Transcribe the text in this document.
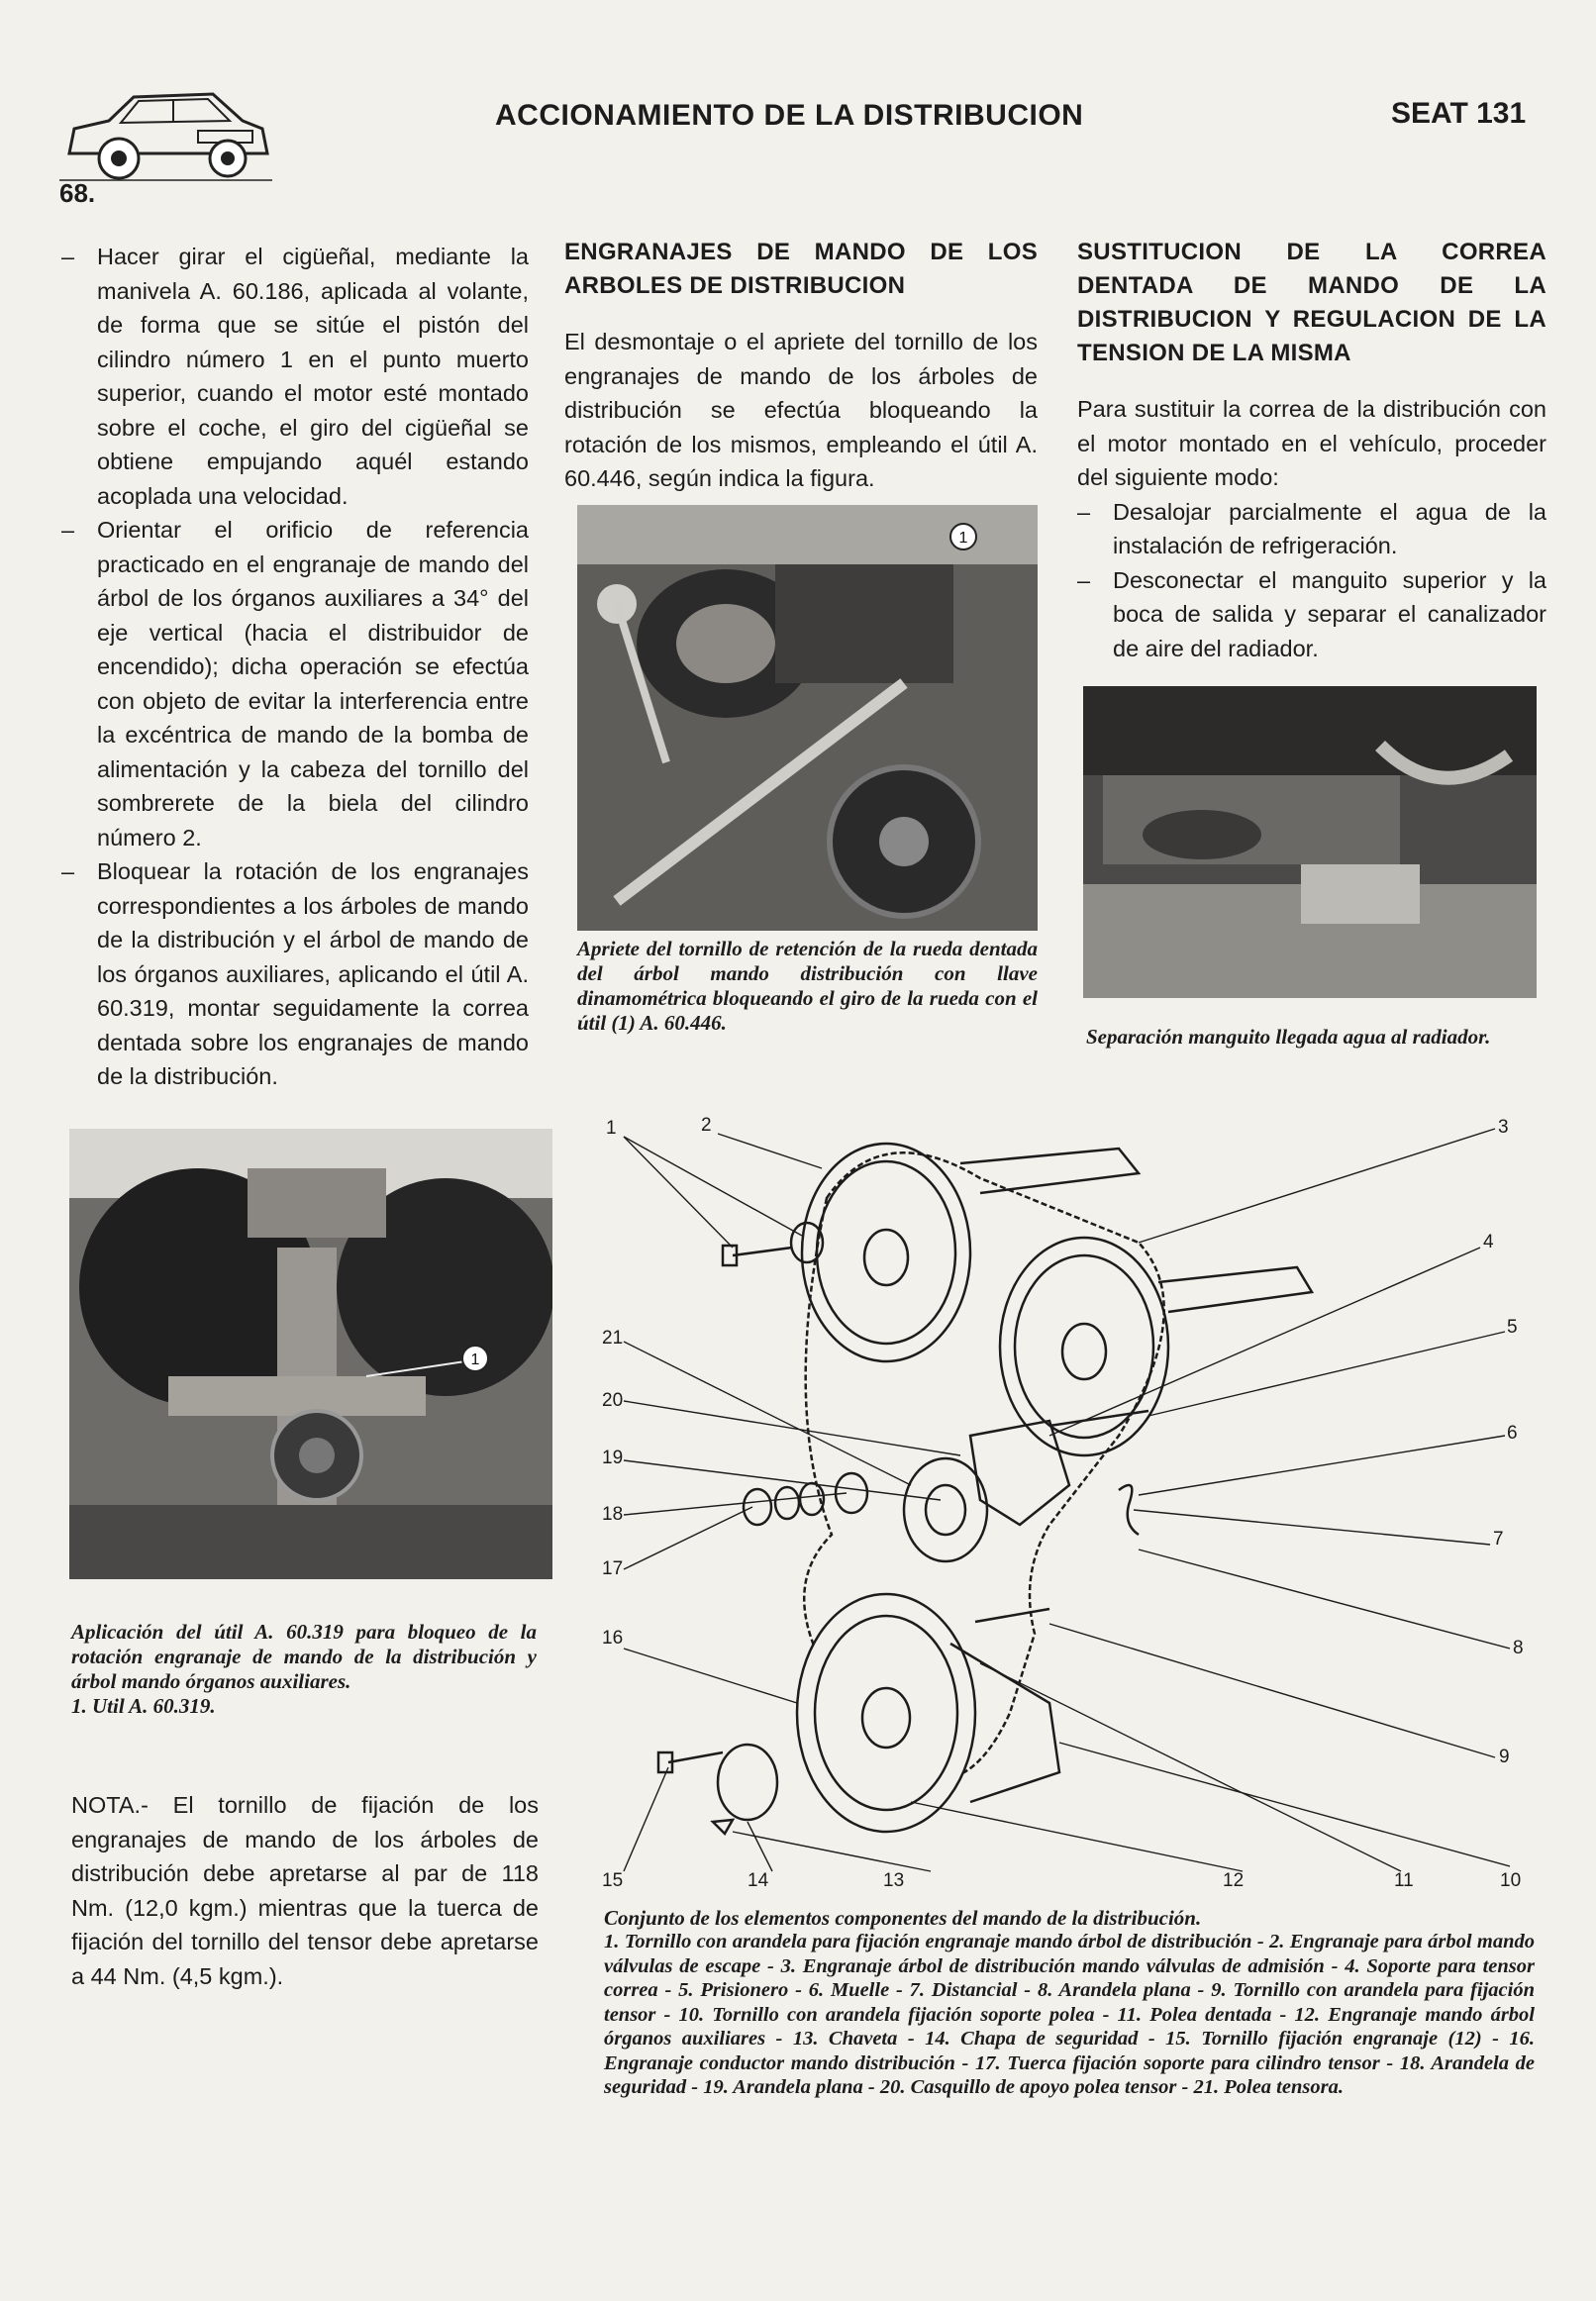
68.
ACCIONAMIENTO DE LA DISTRIBUCION	SEAT 131

– Hacer girar el cigüeñal, mediante la manivela A. 60.186, aplicada al volante, de forma que se sitúe el pistón del cilindro número 1 en el punto muerto superior, cuando el motor esté montado sobre el coche, el giro del cigüeñal se obtiene empujando aquél estando acoplada una velocidad.

– Orientar el orificio de referencia practicado en el engranaje de mando del árbol de los órganos auxiliares a 34° del eje vertical (hacia el distribuidor de encendido); dicha operación se efectúa con objeto de evitar la interferencia entre la excéntrica de mando de la bomba de alimentación y la cabeza del tornillo del sombrerete de la biela del cilindro número 2.

– Bloquear la rotación de los engranajes correspondientes a los árboles de mando de la distribución y el árbol de mando de los órganos auxiliares, aplicando el útil A. 60.319, montar seguidamente la correa dentada sobre los engranajes de mando de la distribución.

1
Aplicación del útil A. 60.319 para bloqueo de la rotación engranaje de mando de la distribución y árbol mando órganos auxiliares.
1. Util A. 60.319.
NOTA.- El tornillo de fijación de los engranajes de mando de los árboles de distribución debe apretarse al par de 118 Nm. (12,0 kgm.) mientras que la tuerca de fijación del tornillo del tensor debe apretarse a 44 Nm. (4,5 kgm.).
ENGRANAJES DE MANDO DE LOS ARBOLES DE DISTRIBUCION
El desmontaje o el apriete del tornillo de los engranajes de mando de los árboles de distribución se efectúa bloqueando la rotación de los mismos, empleando el útil A. 60.446, según indica la figura.
1
Apriete del tornillo de retención de la rueda dentada del árbol mando distribución con llave dinamométrica bloqueando el giro de la rueda con el útil (1) A. 60.446.
SUSTITUCION DE LA CORREA DENTADA DE MANDO DE LA DISTRIBUCION Y REGULACION DE LA TENSION DE LA MISMA
Para sustituir la correa de la distribución con el motor montado en el vehículo, proceder del siguiente modo:

– Desalojar parcialmente el agua de la instalación de refrigeración.

– Desconectar el manguito superior y la boca de salida y separar el canalizador de aire del radiador.

Separación manguito llegada agua al radiador.
1	2	3
4
5
6
7
8
9
10
11
12
13
14
15
16
17
18
19
20
21
Conjunto de los elementos componentes del mando de la distribución.
1. Tornillo con arandela para fijación engranaje mando árbol de distribución - 2. Engranaje para árbol mando válvulas de escape - 3. Engranaje árbol de distribución mando válvulas de admisión - 4. Soporte para tensor correa - 5. Prisionero - 6. Muelle - 7. Distancial - 8. Arandela plana - 9. Tornillo con arandela para fijación tensor - 10. Tornillo con arandela fijación soporte polea - 11. Polea dentada - 12. Engranaje mando árbol órganos auxiliares - 13. Chaveta - 14. Chapa de seguridad - 15. Tornillo fijación engranaje (12) - 16. Engranaje conductor mando distribución - 17. Tuerca fijación soporte para cilindro tensor - 18. Arandela de seguridad - 19. Arandela plana - 20. Casquillo de apoyo polea tensor - 21. Polea tensora.
